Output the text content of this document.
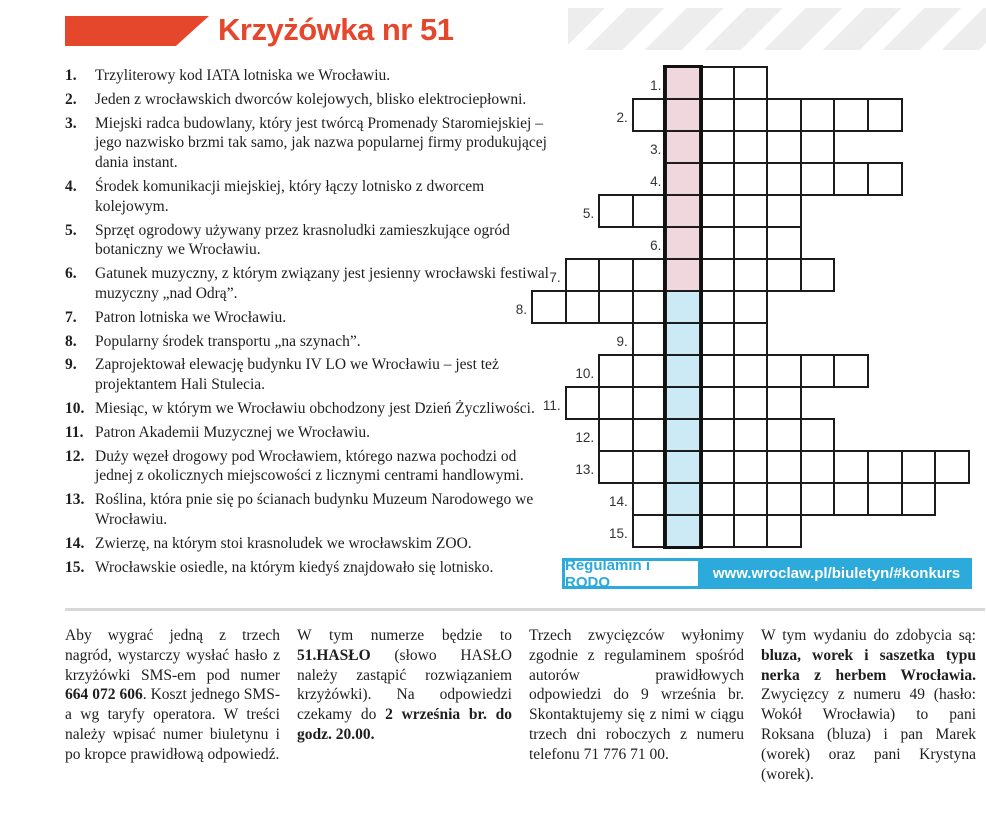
Krzyżówka nr 51
1.	Trzyliterowy kod IATA lotniska we Wrocławiu.
2.	Jeden z wrocławskich dworców kolejowych, blisko elektrociepłowni.
3.	Miejski radca budowlany, który jest twórcą Promenady Staromiejskiej – jego nazwisko brzmi tak samo, jak nazwa popularnej firmy produkującej dania instant.
4.	Środek komunikacji miejskiej, który łączy lotnisko z dworcem kolejowym.
5.	Sprzęt ogrodowy używany przez krasnoludki zamieszkujące ogród botaniczny we Wrocławiu.
6.	Gatunek muzyczny, z którym związany jest jesienny wrocławski festiwal muzyczny „nad Odrą”.
7.	Patron lotniska we Wrocławiu.
8.	Popularny środek transportu „na szynach”.
9.	Zaprojektował elewację budynku IV LO we Wrocławiu – jest też projektantem Hali Stulecia.
10. Miesiąc, w którym we Wrocławiu obchodzony jest Dzień Życzliwości.
11. Patron Akademii Muzycznej we Wrocławiu.
12. Duży węzeł drogowy pod Wrocławiem, którego nazwa pochodzi od jednej z okolicznych miejscowości z licznymi centrami handlowymi.
13. Roślina, która pnie się po ścianach budynku Muzeum Narodowego we Wrocławiu.
14. Zwierzę, na którym stoi krasnoludek we wrocławskim ZOO.
15. Wrocławskie osiedle, na którym kiedyś znajdowało się lotnisko.
1.
2.
3.
4.
5.
6.
7.
8.
9.
10.
11.
12.
13.
14.
15.
Regulamin i RODO	www.wroclaw.pl/biuletyn/#konkurs

Aby wygrać jedną z trzech nagród, wystarczy wysłać hasło z krzyżówki SMS-em pod numer 664 072 606. Koszt jednego SMS-a wg taryfy operatora. W treści należy wpisać numer biuletynu i po kropce prawidłową odpowiedź.

W tym numerze będzie to 51.HASŁO (słowo HASŁO należy zastąpić rozwiązaniem krzyżówki). Na odpowiedzi czekamy do 2 września br. do godz. 20.00.

Trzech zwycięzców wyłonimy zgodnie z regulaminem spośród autorów prawidłowych odpowiedzi do 9 września br. Skontaktujemy się z nimi w ciągu trzech dni roboczych z numeru telefonu 71 776 71 00.

W tym wydaniu do zdobycia są: bluza, worek i saszetka typu nerka z herbem Wrocławia. Zwycięzcy z numeru 49 (hasło: Wokół Wrocławia) to pani Roksana (bluza) i pan Marek (worek) oraz pani Krystyna (worek).
